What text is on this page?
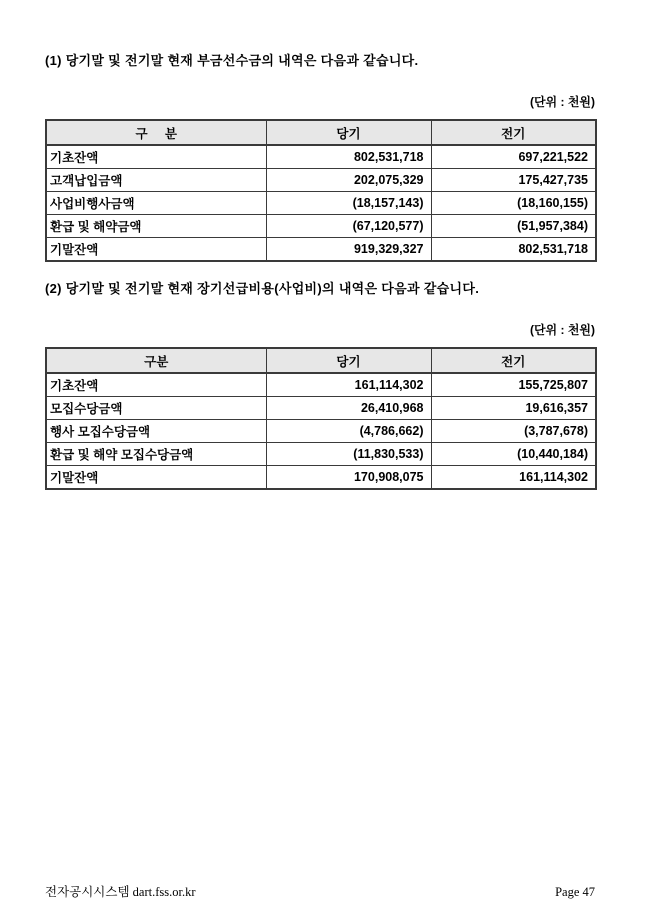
(1) 당기말 및 전기말 현재 부금선수금의 내역은 다음과 같습니다.

(단위 : 천원)

구     분	당기	전기
기초잔액	802,531,718	697,221,522
고객납입금액	202,075,329	175,427,735
사업비행사금액	(18,157,143)	(18,160,155)
환급 및 해약금액	(67,120,577)	(51,957,384)
기말잔액	919,329,327	802,531,718

(2) 당기말 및 전기말 현재 장기선급비용(사업비)의 내역은 다음과 같습니다.

(단위 : 천원)

구분	당기	전기
기초잔액	161,114,302	155,725,807
모집수당금액	26,410,968	19,616,357
행사 모집수당금액	(4,786,662)	(3,787,678)
환급 및 해약 모집수당금액	(11,830,533)	(10,440,184)
기말잔액	170,908,075	161,114,302
전자공시시스템 dart.fss.or.kr	Page 47
